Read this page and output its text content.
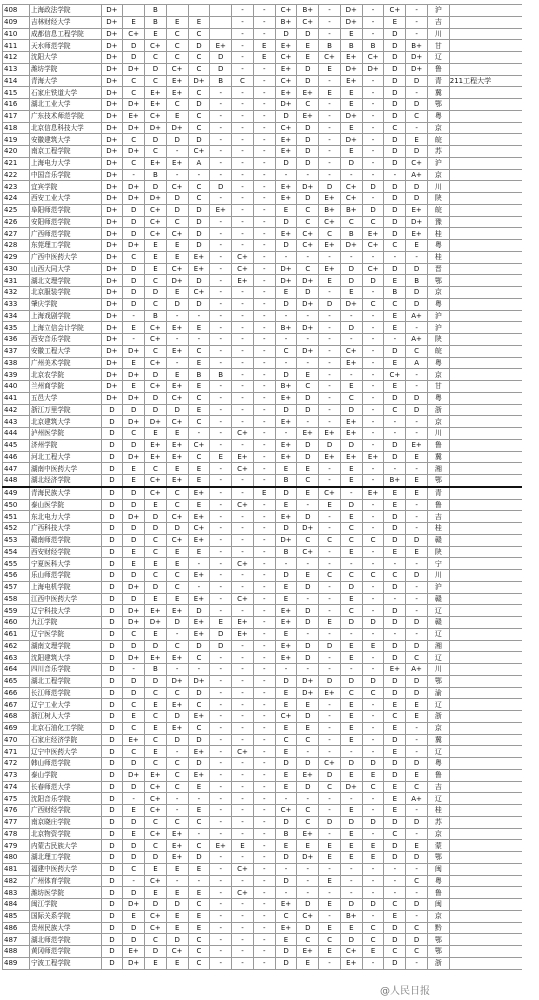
408	上海政法学院	D+		B				-	-	C+	B+	-	D+	-	C+	-	沪	
409	吉林财经大学	D+	E	B	E	E		-	-	B+	C+	-	D+	-	E	-	吉	
410	成都信息工程学院	D+	C+	E	C	C		-	-	D	D	-	E	-	D	-	川	
411	天水师范学院	D+	D	C+	C	D	E+	-	E	E+	E	B	B	B	D	B+	甘	
412	沈阳大学	D+	D	C	C	C	D	-	E	C+	E	C+	E+	C+	D	D+	辽	
413	潍坊学院	D+	D+	D	C+	C	D	-	-	E+	D	E	D+	D+	D	D+	鲁	
414	青海大学	D+	C	C	E+	D+	B	C	-	C+	D	-	E+	-	D	D	青	211工程大学
415	石家庄铁道大学	D+	C	E+	E+	C	-	-	-	E+	E+	E	E	-	D	-	冀	
416	湖北工业大学	D+	D+	E+	C	D	-	-	-	D+	C	-	E	-	D	D	鄂	
417	广东技术师范学院	D+	E+	C+	E	C	-	-	-	D	E+	-	D+	-	D	C	粤	
418	北京信息科技大学	D+	D+	D+	D+	C	-	-	-	C+	D	-	E	-	C	-	京	
419	安徽建筑大学	D+	C	D	D	D	-	-	-	E+	D	-	D+	-	D	E	皖	
420	南京工程学院	D+	D+	C	-	C+	-	-	-	E+	D	-	E	-	D	D	苏	
421	上海电力大学	D+	C	E+	E+	A	-	-	-	D	D	-	D	-	D	C+	沪	
422	中国音乐学院	D+	-	B	-	-	-	-	-	-	-	-	-	-	-	A+	京	
423	宜宾学院	D+	D+	D	C+	C	D	-	-	E+	D+	D	C+	D	D	D	川	
424	西安工业大学	D+	D+	D+	D	C	-	-	-	E+	D	E+	C+	-	D	D	陕	
425	阜阳师范学院	D+	D	C+	D	D	E+	-	-	E	C	B+	B+	D	D	E+	皖	
426	安阳师范学院	D+	D	C+	C	D	-	-	-	D	C	C+	C	C	D	D+	豫	
427	广西师范学院	D+	D	C+	C+	D	-	-	-	E+	C+	C	B	E+	D	E+	桂	
428	东莞理工学院	D+	D+	E	E	D	-	-	-	D	C+	E+	D+	C+	C	E	粤	
429	广西中医药大学	D+	C	E	E	E+	-	C+	-	-	-	-	-	-	-	-	桂	
430	山西大同大学	D+	D	E	C+	E+	-	C+	-	D+	C	E+	D	C+	D	D	晋	
431	湖北文理学院	D+	D	C	D+	D	-	E+	-	D+	D+	E	D	D	E	B	鄂	
432	北京服装学院	D+	D	D	E	C+	-	-	-	E	D	-	E	-	B	D	京	
433	肇庆学院	D+	D	C	D	D	-	-	-	D	D+	D	D+	C	C	D	粤	
434	上海戏剧学院	D+	-	B	-	-	-	-	-	-	-	-	-	-	E	A+	沪	
435	上海立信会计学院	D+	E	C+	E+	E	-	-	-	B+	D+	-	D	-	E	-	沪	
436	西安音乐学院	D+	-	C+	-	-	-	-	-	-	-	-	-	-	-	A+	陕	
437	安徽工程大学	D+	D+	C	E+	C	-	-	-	C	D+	-	C+	-	D	C	皖	
438	广州美术学院	D+	E	C+	-	E	-	-	-	-	-	-	E+	-	E	A	粤	
439	北京农学院	D+	D+	D	E	B	B	-	-	D	E	-	-	-	C+	-	京	
440	兰州商学院	D+	E	C+	E+	E	-	-	-	B+	C	-	E	-	E	-	甘	
441	五邑大学	D+	D+	D	C+	C	-	-	-	E+	D	-	C	-	D	D	粤	
442	浙江万里学院	D	D	D	D	E	-	-	-	D	D	-	D	-	C	D	浙	
443	北京建筑大学	D	D+	D+	C+	C	-	-	-	E+	-	-	E+	-	-	-	京	
444	泸州医学院	D	C	E	E	-	-	C+	-	-	E+	E+	E+	-	-	-	川	
445	济州学院	D	D	E+	E+	C+	-	-	-	E+	D	D	D	-	D	E+	鲁	
446	河北工程大学	D	D+	E+	E+	C	E	E+	-	E+	D	E+	E+	E+	D	E	冀	
447	湖南中医药大学	D	E	C	E	E	-	C+	-	E	E	-	E	-	-	-	湘	
448	湖北经济学院	D	E	C+	E+	E	-	-	-	B	C	-	E	-	B+	E	鄂	
449	青海民族大学	D	D	C+	C	E+	-	-	E	D	E	C+	-	E+	E	E	青	
450	泰山医学院	D	D	E	C	E	-	C+	-	E	-	E	D	-	E	-	鲁	
451	东北电力大学	D	D+	D	C+	E+	-	-	-	E+	D	-	E	-	D	-	吉	
452	广西科技大学	D	D	D	D	C+	-	-	-	D	D+	-	C	-	D	-	桂	
453	赣南师范学院	D	D	C	C+	E+	-	-	-	D+	C	C	C	C	D	D	赣	
454	西安财经学院	D	E	C	E	E	-	-	-	B	C+	-	E	-	E	E	陕	
455	宁夏医科大学	D	E	E	E	-	-	C+	-	-	-	-	-	-	-	-	宁	
456	乐山师范学院	D	D	C	C	E+	-	-	-	D	E	C	C	C	C	D	川	
457	上海电机学院	D	D+	D	C	-	-	-	-	E	D	-	D	-	D	-	沪	
458	江西中医药大学	D	D	E	E	E+	-	C+	-	E	-	-	E	-	-	-	赣	
459	辽宁科技大学	D	D+	E+	E+	D	-	-	-	E+	D	-	C	-	D	-	辽	
460	九江学院	D	D+	D+	D	E+	E	E+	-	E+	D	E	D	D	D	D	赣	
461	辽宁医学院	D	C	E	-	E+	D	E+	-	E	-	-	-	-	-	-	辽	
462	湖南文理学院	D	D	D	C	D	D	-	-	E+	D	D	E	E	D	D	湘	
463	沈阳建筑大学	D	D+	E+	E+	C	-	-	-	E+	D	-	E	-	D	C	辽	
464	四川音乐学院	D	-	B	-	-	-	-	-	-	-	-	-	-	E+	A+	川	
465	湖北工程学院	D	D	D	D+	D+	-	-	-	D	D+	D	D	D	D	D	鄂	
466	长江师范学院	D	D	C	C	D	-	-	-	E	D+	E+	C	C	D	D	渝	
467	辽宁工业大学	D	C	E	E+	C	-	-	-	E	E	-	E	-	E	E	辽	
468	浙江树人大学	D	E	C	D	E+	-	-	-	C+	D	-	E	-	C	E	浙	
469	北京石油化工学院	D	C	E	E+	C	-	-	-	E	E	-	E	-	E	-	京	
470	石家庄经济学院	D	E+	C	D	D	-	-	-	C	C	-	E	-	D	-	冀	
471	辽宁中医药大学	D	C	E	-	E+	-	C+	-	E	-	-	-	-	E	-	辽	
472	韩山师范学院	D	D	C	C	D	-	-	-	D	D	C+	D	D	D	D	粤	
473	泰山学院	D	D+	E+	C	E+	-	-	-	E	E+	D	E	E	D	E	鲁	
474	长春师范大学	D	D	C+	C	E	-	-	-	E	D	C	D+	C	E	C	吉	
475	沈阳音乐学院	D	-	C+	-	-	-	-	-	-	-	-	-	-	E	A+	辽	
476	广西财经学院	D	E	C+	-	E	-	-	-	C+	C	-	E	-	E	-	桂	
477	南京晓庄学院	D	D	C	C	C	-	-	-	D	C	D	D	D	D	D	苏	
478	北京物资学院	D	E	C+	E+	-	-	-	-	B	E+	-	E	-	C	-	京	
479	内蒙古民族大学	D	D	C	E+	C	E+	E	-	E	E	E	E	E	D	E	蒙	
480	湖北理工学院	D	D	D	E+	D	-	-	-	D	D+	E	E	E	D	D	鄂	
481	福建中医药大学	D	C	E	E	E	-	C+	-	-	-	-	-	-	-	-	闽	
482	广州体育学院	D	-	C+	-	-	-	-	-	D	-	E	-	-	-	C	粤	
483	潍坊医学院	D	D	E	E	E	-	C+	-	-	-	-	-	-	-	-	鲁	
484	闽江学院	D	D+	D	D	C	-	-	-	E+	D	E	D	D	C	D	闽	
485	国际关系学院	D	E	C+	E	E	-	-	-	C	C+	-	B+	-	E	-	京	
486	贵州民族大学	D	D	C+	E	E	-	-	-	E+	D	E	E	C	D	C	黔	
487	湖北师范学院	D	D	C	D	C	-	-	-	E	C	C	D	C	D	D	鄂	
488	黄冈师范学院	D	E+	D	C+	C	-	-	-	D	E+	E	C+	E	C	C	鄂	
489	宁波工程学院	D	D+	E	E	C	-	-	-	D	E	-	E+	-	D	-	浙	
@人民日报
